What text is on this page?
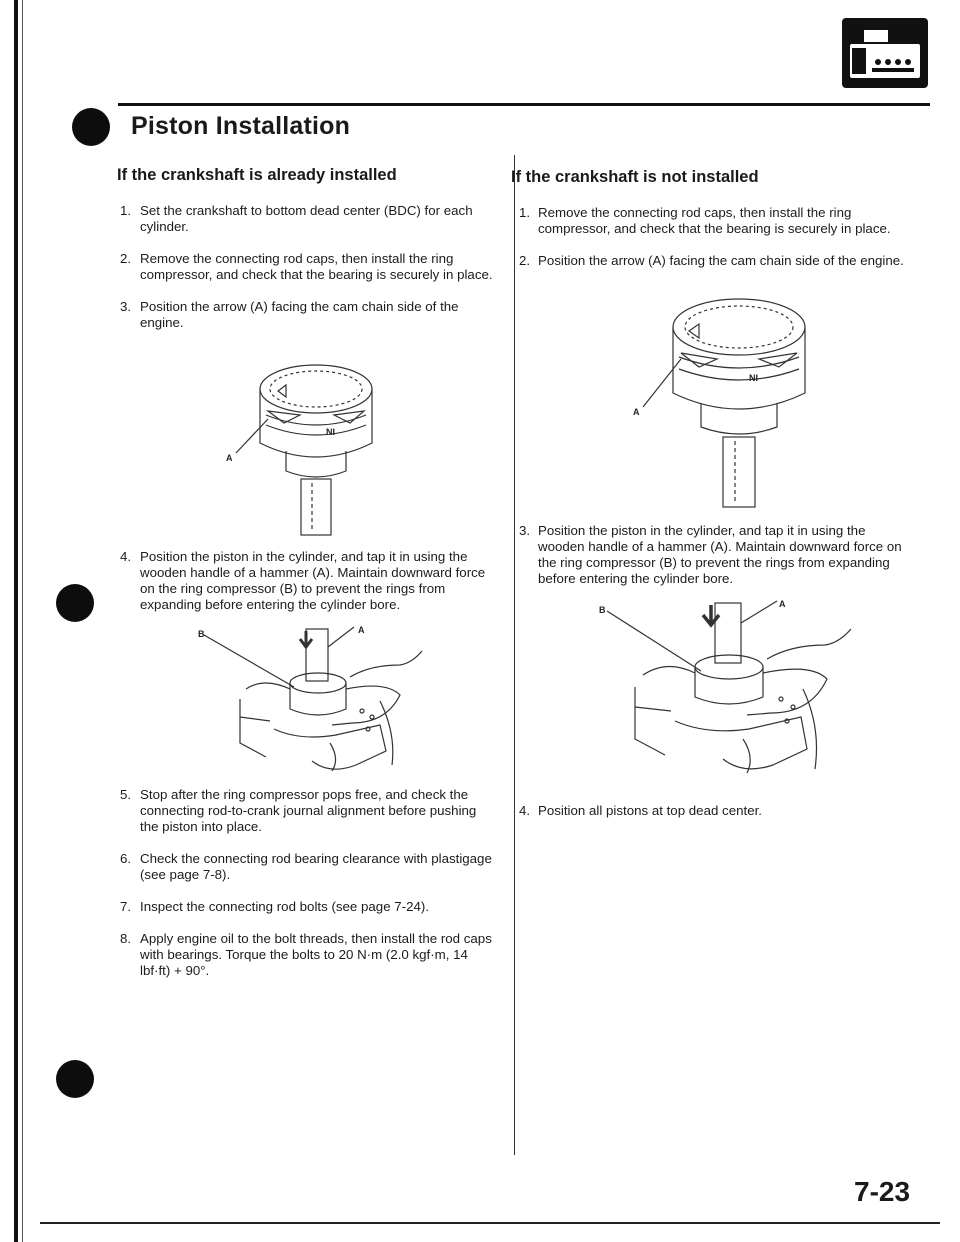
Piston Installation
If the crankshaft is already installed
1. Set the crankshaft to bottom dead center (BDC) for each cylinder.
2. Remove the connecting rod caps, then install the ring compressor, and check that the bearing is securely in place.
3. Position the arrow (A) facing the cam chain side of the engine.
NI
A
4. Position the piston in the cylinder, and tap it in using the wooden handle of a hammer (A). Maintain downward force on the ring compressor (B) to prevent the rings from expanding before entering the cylinder bore.
B	A
5. Stop after the ring compressor pops free, and check the connecting rod-to-crank journal alignment before pushing the piston into place.
6. Check the connecting rod bearing clearance with plastigage (see page 7-8).
7. Inspect the connecting rod bolts (see page 7-24).
8. Apply engine oil to the bolt threads, then install the rod caps with bearings. Torque the bolts to 20 N·m (2.0 kgf·m, 14 lbf·ft) + 90°.
If the crankshaft is not installed
1. Remove the connecting rod caps, then install the ring compressor, and check that the bearing is securely in place.
2. Position the arrow (A) facing the cam chain side of the engine.
NI
A
3. Position the piston in the cylinder, and tap it in using the wooden handle of a hammer (A). Maintain downward force on the ring compressor (B) to prevent the rings from expanding before entering the cylinder bore.
B
A
4. Position all pistons at top dead center.

7-23
